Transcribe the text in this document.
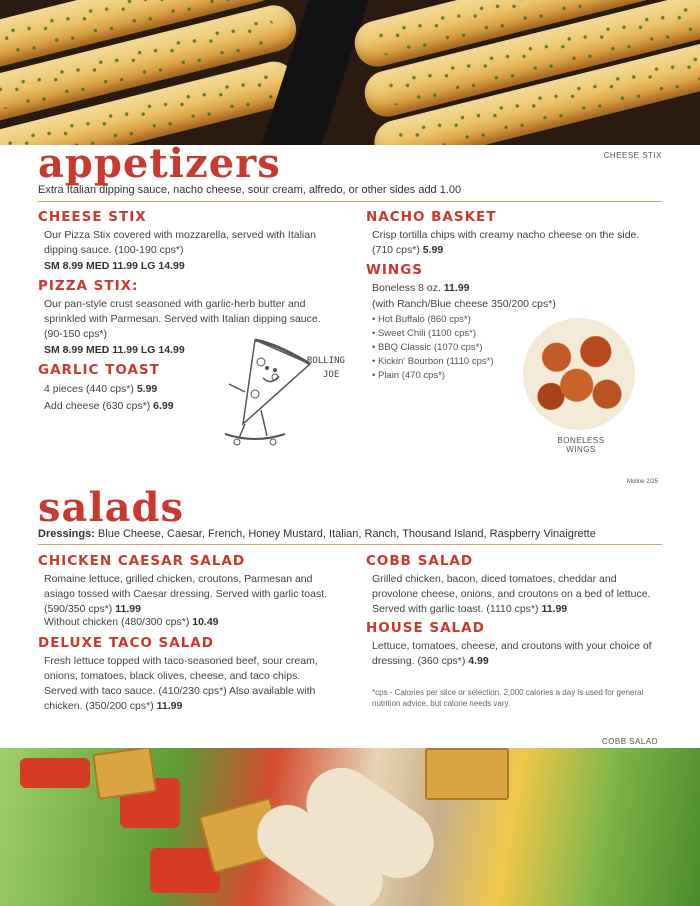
appetizers	CHEESE STIX
Extra Italian dipping sauce, nacho cheese, sour cream, alfredo, or other sides add 1.00
CHEESE STIX
Our Pizza Stix covered with mozzarella, served with Italian dipping sauce. (100-190 cps*)
SM 8.99 MED 11.99 LG 14.99
PIZZA STIX:
Our pan-style crust seasoned with garlic-herb butter and sprinkled with Parmesan. Served with Italian dipping sauce. (90-150 cps*)
SM 8.99 MED 11.99 LG 14.99
GARLIC TOAST
4 pieces (440 cps*) 5.99
Add cheese (630 cps*) 6.99
ROLLING
JOE
NACHO BASKET
Crisp tortilla chips with creamy nacho cheese on the side. (710 cps*) 5.99
WINGS
Boneless 8 oz. 11.99
(with Ranch/Blue cheese 350/200 cps*)
• Hot Buffalo (860 cps*)
• Sweet Chili (1100 cps*)
• BBQ Classic (1070 cps*)
• Kickin' Bourbon (1110 cps*)
• Plain (470 cps*)
BONELESS
WINGS
Moline 2/25
salads
Dressings: Blue Cheese, Caesar, French, Honey Mustard, Italian, Ranch, Thousand Island, Raspberry Vinaigrette
CHICKEN CAESAR SALAD
Romaine lettuce, grilled chicken, croutons, Parmesan and asiago tossed with Caesar dressing. Served with garlic toast. (590/350 cps*) 11.99
Without chicken (480/300 cps*) 10.49
DELUXE TACO SALAD
Fresh lettuce topped with taco-seasoned beef, sour cream, onions, tomatoes, black olives, cheese, and taco chips. Served with taco sauce. (410/230 cps*) Also available with chicken. (350/200 cps*) 11.99
COBB SALAD
Grilled chicken, bacon, diced tomatoes, cheddar and provolone cheese, onions, and croutons on a bed of lettuce. Served with garlic toast. (1110 cps*) 11.99
HOUSE SALAD
Lettuce, tomatoes, cheese, and croutons with your choice of dressing. (360 cps*) 4.99
*cps - Calories per slice or selection. 2,000 calories a day is used for general nutrition advice, but calorie needs vary.
COBB SALAD
